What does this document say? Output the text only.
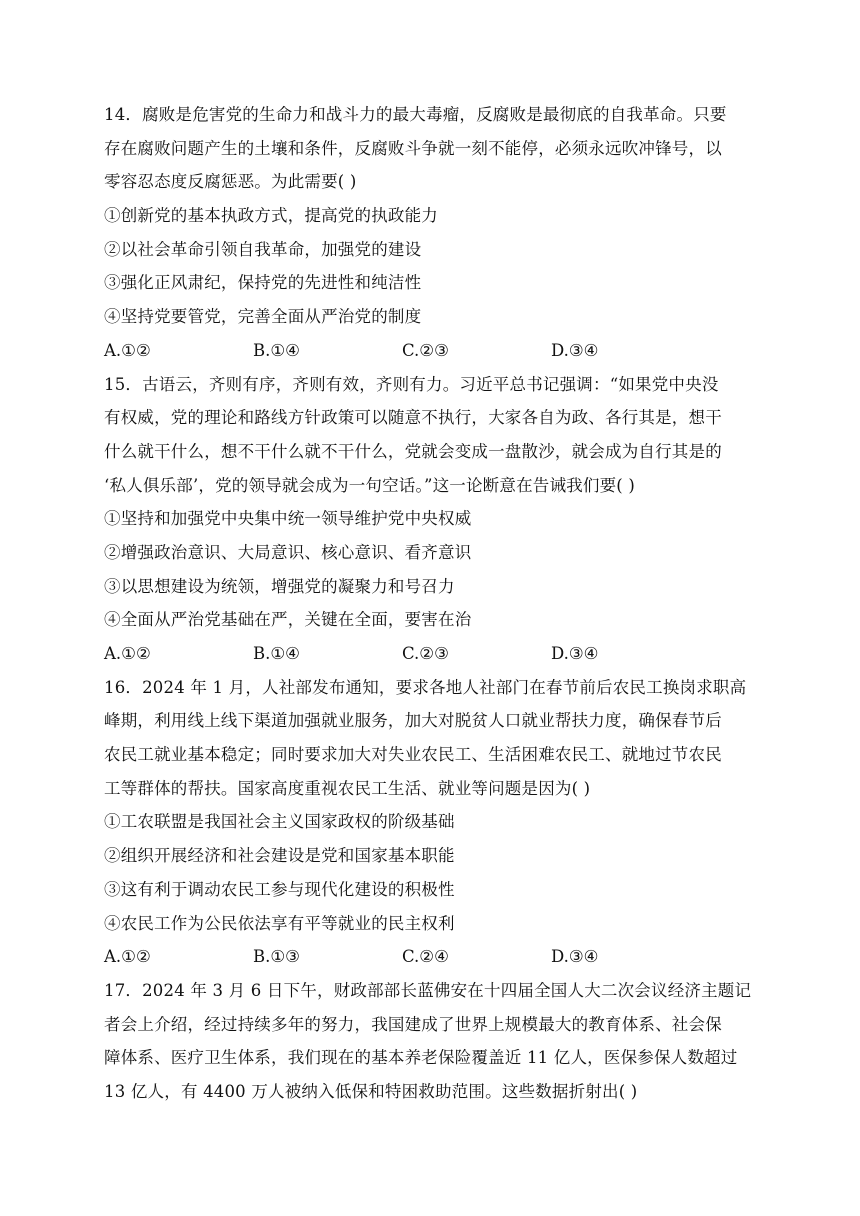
14．腐败是危害党的生命力和战斗力的最大毒瘤，反腐败是最彻底的自我革命。只要
存在腐败问题产生的土壤和条件，反腐败斗争就一刻不能停，必须永远吹冲锋号，以
零容忍态度反腐惩恶。为此需要( )
①创新党的基本执政方式，提高党的执政能力
②以社会革命引领自我革命，加强党的建设
③强化正风肃纪，保持党的先进性和纯洁性
④坚持党要管党，完善全面从严治党的制度
A.①②	B.①④	C.②③	D.③④
15．古语云，齐则有序，齐则有效，齐则有力。习近平总书记强调：“如果党中央没
有权威，党的理论和路线方针政策可以随意不执行，大家各自为政、各行其是，想干
什么就干什么，想不干什么就不干什么，党就会变成一盘散沙，就会成为自行其是的
‘私人俱乐部’，党的领导就会成为一句空话。”这一论断意在告诫我们要( )
①坚持和加强党中央集中统一领导维护党中央权威
②增强政治意识、大局意识、核心意识、看齐意识
③以思想建设为统领，增强党的凝聚力和号召力
④全面从严治党基础在严，关键在全面，要害在治
A.①②	B.①④	C.②③	D.③④
16．2024 年 1 月，人社部发布通知，要求各地人社部门在春节前后农民工换岗求职高
峰期，利用线上线下渠道加强就业服务，加大对脱贫人口就业帮扶力度，确保春节后
农民工就业基本稳定；同时要求加大对失业农民工、生活困难农民工、就地过节农民
工等群体的帮扶。国家高度重视农民工生活、就业等问题是因为( )
①工农联盟是我国社会主义国家政权的阶级基础
②组织开展经济和社会建设是党和国家基本职能
③这有利于调动农民工参与现代化建设的积极性
④农民工作为公民依法享有平等就业的民主权利
A.①②	B.①③	C.②④	D.③④
17．2024 年 3 月 6 日下午，财政部部长蓝佛安在十四届全国人大二次会议经济主题记
者会上介绍，经过持续多年的努力，我国建成了世界上规模最大的教育体系、社会保
障体系、医疗卫生体系，我们现在的基本养老保险覆盖近 11 亿人，医保参保人数超过
13 亿人，有 4400 万人被纳入低保和特困救助范围。这些数据折射出( )
